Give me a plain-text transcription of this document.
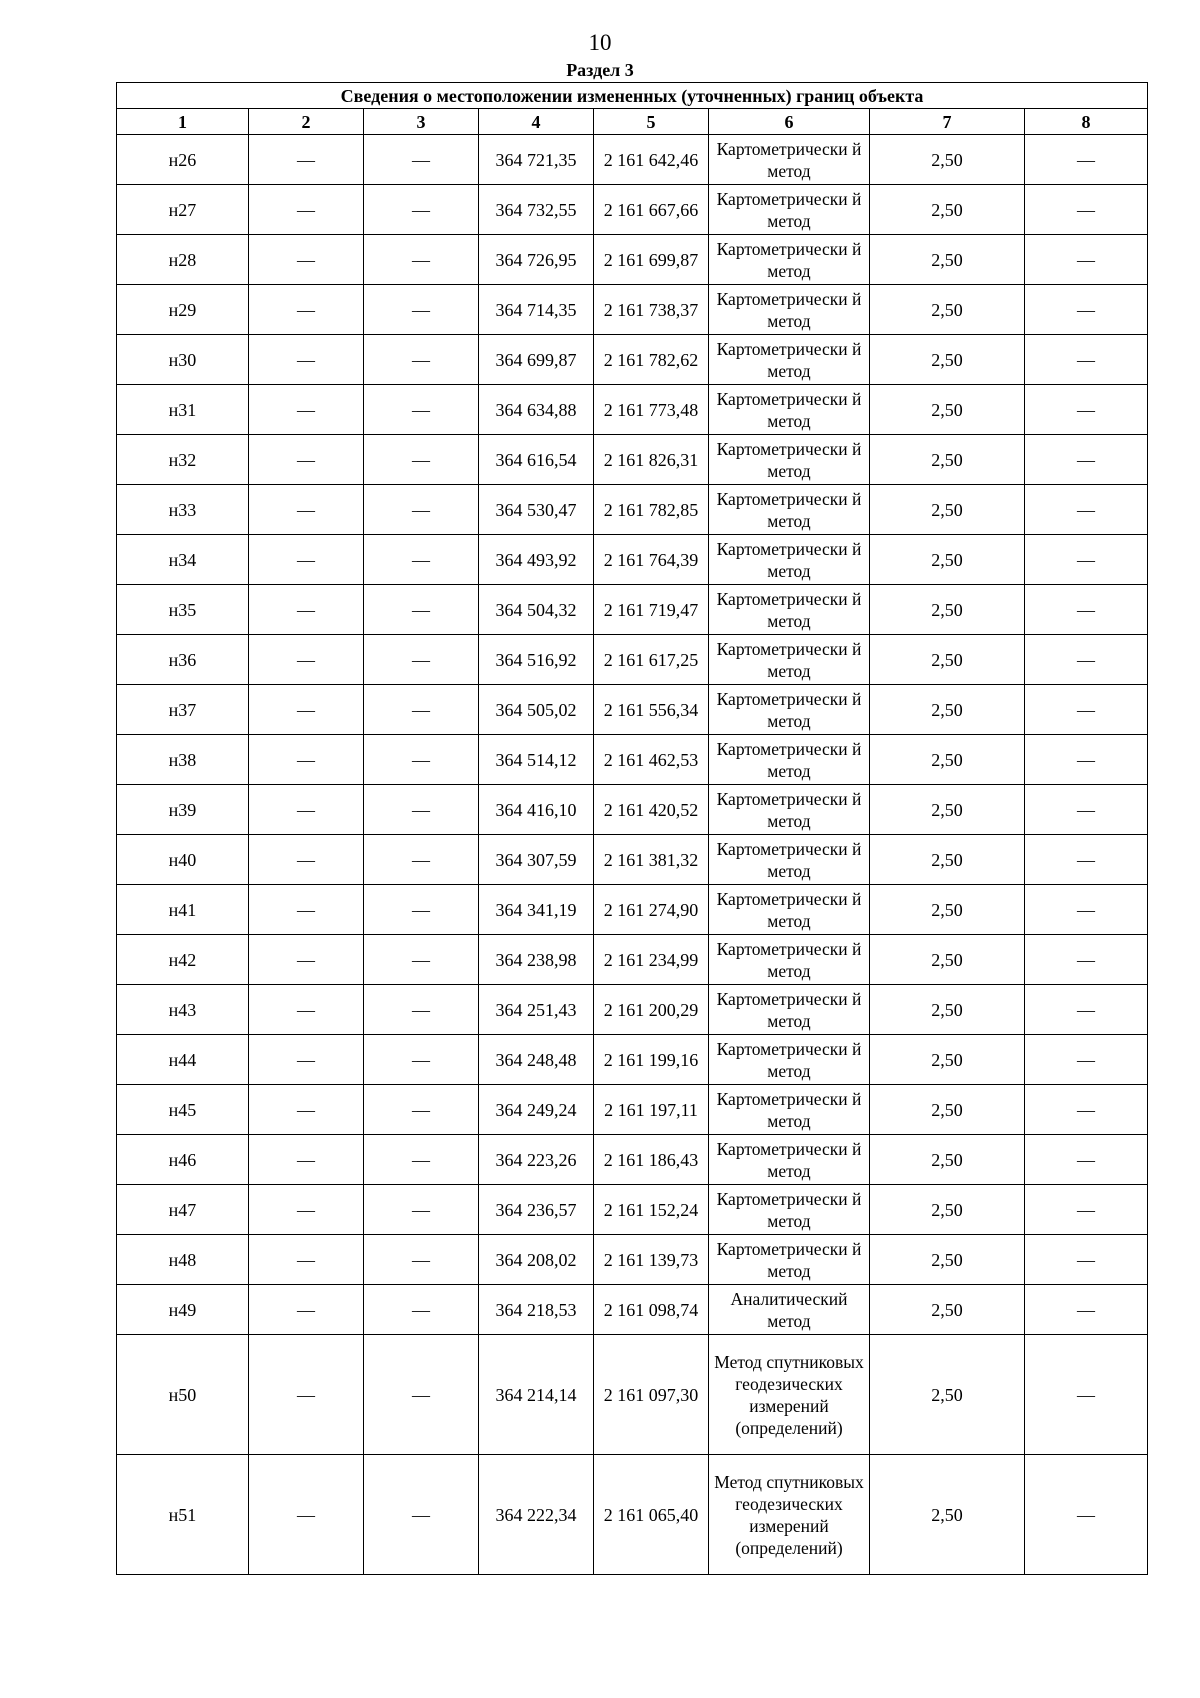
10
Раздел 3
Сведения о местоположении измененных (уточненных) границ объекта							
1	2	3	4	5	6	7	8
н26	—	—	364 721,35	2 161 642,46	Картометрически й метод	2,50	—
н27	—	—	364 732,55	2 161 667,66	Картометрически й метод	2,50	—
н28	—	—	364 726,95	2 161 699,87	Картометрически й метод	2,50	—
н29	—	—	364 714,35	2 161 738,37	Картометрически й метод	2,50	—
н30	—	—	364 699,87	2 161 782,62	Картометрически й метод	2,50	—
н31	—	—	364 634,88	2 161 773,48	Картометрически й метод	2,50	—
н32	—	—	364 616,54	2 161 826,31	Картометрически й метод	2,50	—
н33	—	—	364 530,47	2 161 782,85	Картометрически й метод	2,50	—
н34	—	—	364 493,92	2 161 764,39	Картометрически й метод	2,50	—
н35	—	—	364 504,32	2 161 719,47	Картометрически й метод	2,50	—
н36	—	—	364 516,92	2 161 617,25	Картометрически й метод	2,50	—
н37	—	—	364 505,02	2 161 556,34	Картометрически й метод	2,50	—
н38	—	—	364 514,12	2 161 462,53	Картометрически й метод	2,50	—
н39	—	—	364 416,10	2 161 420,52	Картометрически й метод	2,50	—
н40	—	—	364 307,59	2 161 381,32	Картометрически й метод	2,50	—
н41	—	—	364 341,19	2 161 274,90	Картометрически й метод	2,50	—
н42	—	—	364 238,98	2 161 234,99	Картометрически й метод	2,50	—
н43	—	—	364 251,43	2 161 200,29	Картометрически й метод	2,50	—
н44	—	—	364 248,48	2 161 199,16	Картометрически й метод	2,50	—
н45	—	—	364 249,24	2 161 197,11	Картометрически й метод	2,50	—
н46	—	—	364 223,26	2 161 186,43	Картометрически й метод	2,50	—
н47	—	—	364 236,57	2 161 152,24	Картометрически й метод	2,50	—
н48	—	—	364 208,02	2 161 139,73	Картометрически й метод	2,50	—
н49	—	—	364 218,53	2 161 098,74	Аналитический метод	2,50	—
н50	—	—	364 214,14	2 161 097,30	Метод спутниковых геодезических измерений (определений)	2,50	—
н51	—	—	364 222,34	2 161 065,40	Метод спутниковых геодезических измерений (определений)	2,50	—
